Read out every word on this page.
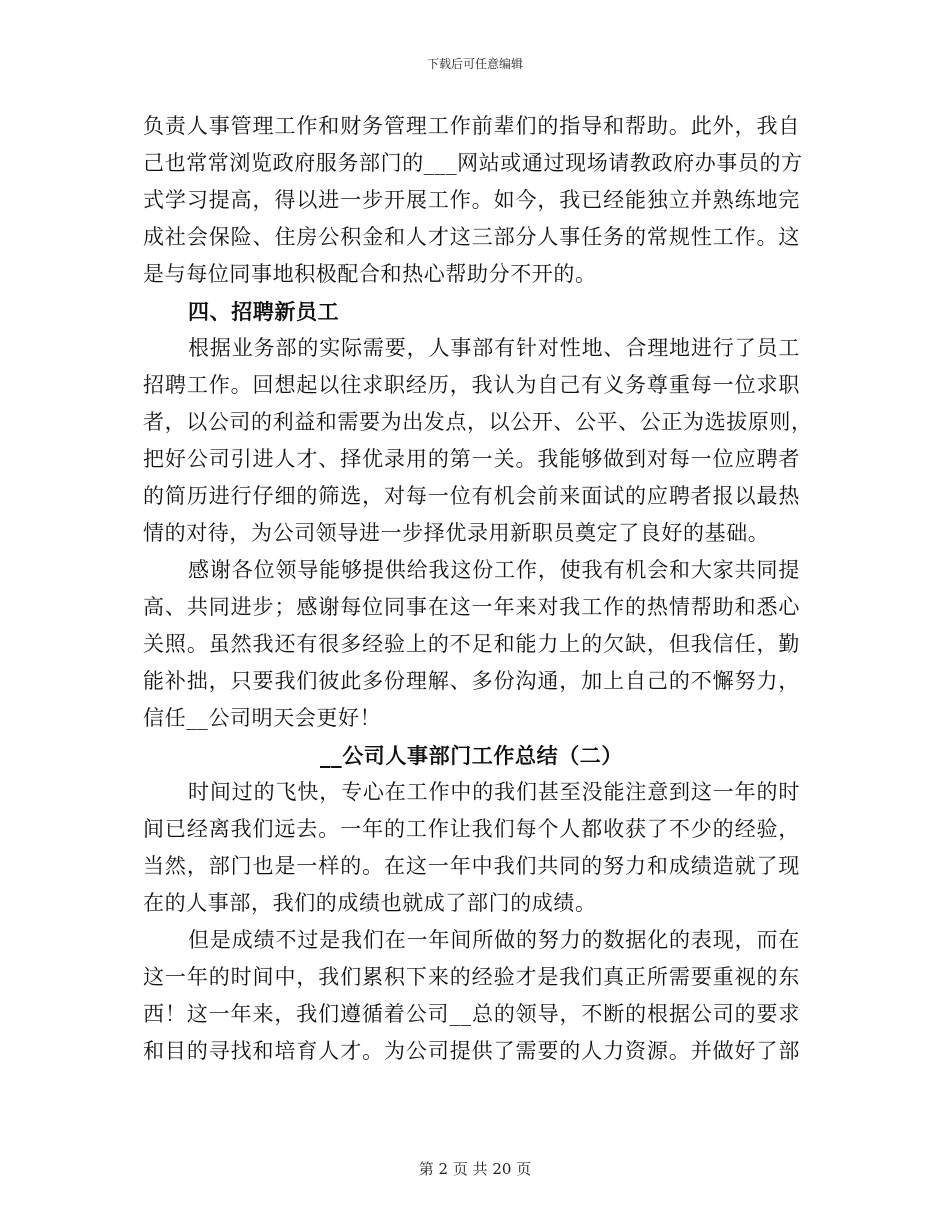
下载后可任意编辑
负责人事管理工作和财务管理工作前辈们的指导和帮助。此外，我自
己也常常浏览政府服务部门的___网站或通过现场请教政府办事员的方
式学习提高，得以进一步开展工作。如今，我已经能独立并熟练地完
成社会保险、住房公积金和人才这三部分人事任务的常规性工作。这
是与每位同事地积极配合和热心帮助分不开的。
四、招聘新员工
根据业务部的实际需要，人事部有针对性地、合理地进行了员工
招聘工作。回想起以往求职经历，我认为自己有义务尊重每一位求职
者，以公司的利益和需要为出发点，以公开、公平、公正为选拔原则，
把好公司引进人才、择优录用的第一关。我能够做到对每一位应聘者
的简历进行仔细的筛选，对每一位有机会前来面试的应聘者报以最热
情的对待，为公司领导进一步择优录用新职员奠定了良好的基础。
感谢各位领导能够提供给我这份工作，使我有机会和大家共同提
高、共同进步；感谢每位同事在这一年来对我工作的热情帮助和悉心
关照。虽然我还有很多经验上的不足和能力上的欠缺，但我信任，勤
能补拙，只要我们彼此多份理解、多份沟通，加上自己的不懈努力，
信任__公司明天会更好！
__公司人事部门工作总结（二）
时间过的飞快，专心在工作中的我们甚至没能注意到这一年的时
间已经离我们远去。一年的工作让我们每个人都收获了不少的经验，
当然，部门也是一样的。在这一年中我们共同的努力和成绩造就了现
在的人事部，我们的成绩也就成了部门的成绩。
但是成绩不过是我们在一年间所做的努力的数据化的表现，而在
这一年的时间中，我们累积下来的经验才是我们真正所需要重视的东
西！这一年来，我们遵循着公司__总的领导，不断的根据公司的要求
和目的寻找和培育人才。为公司提供了需要的人力资源。并做好了部
第 2 页 共 20 页
